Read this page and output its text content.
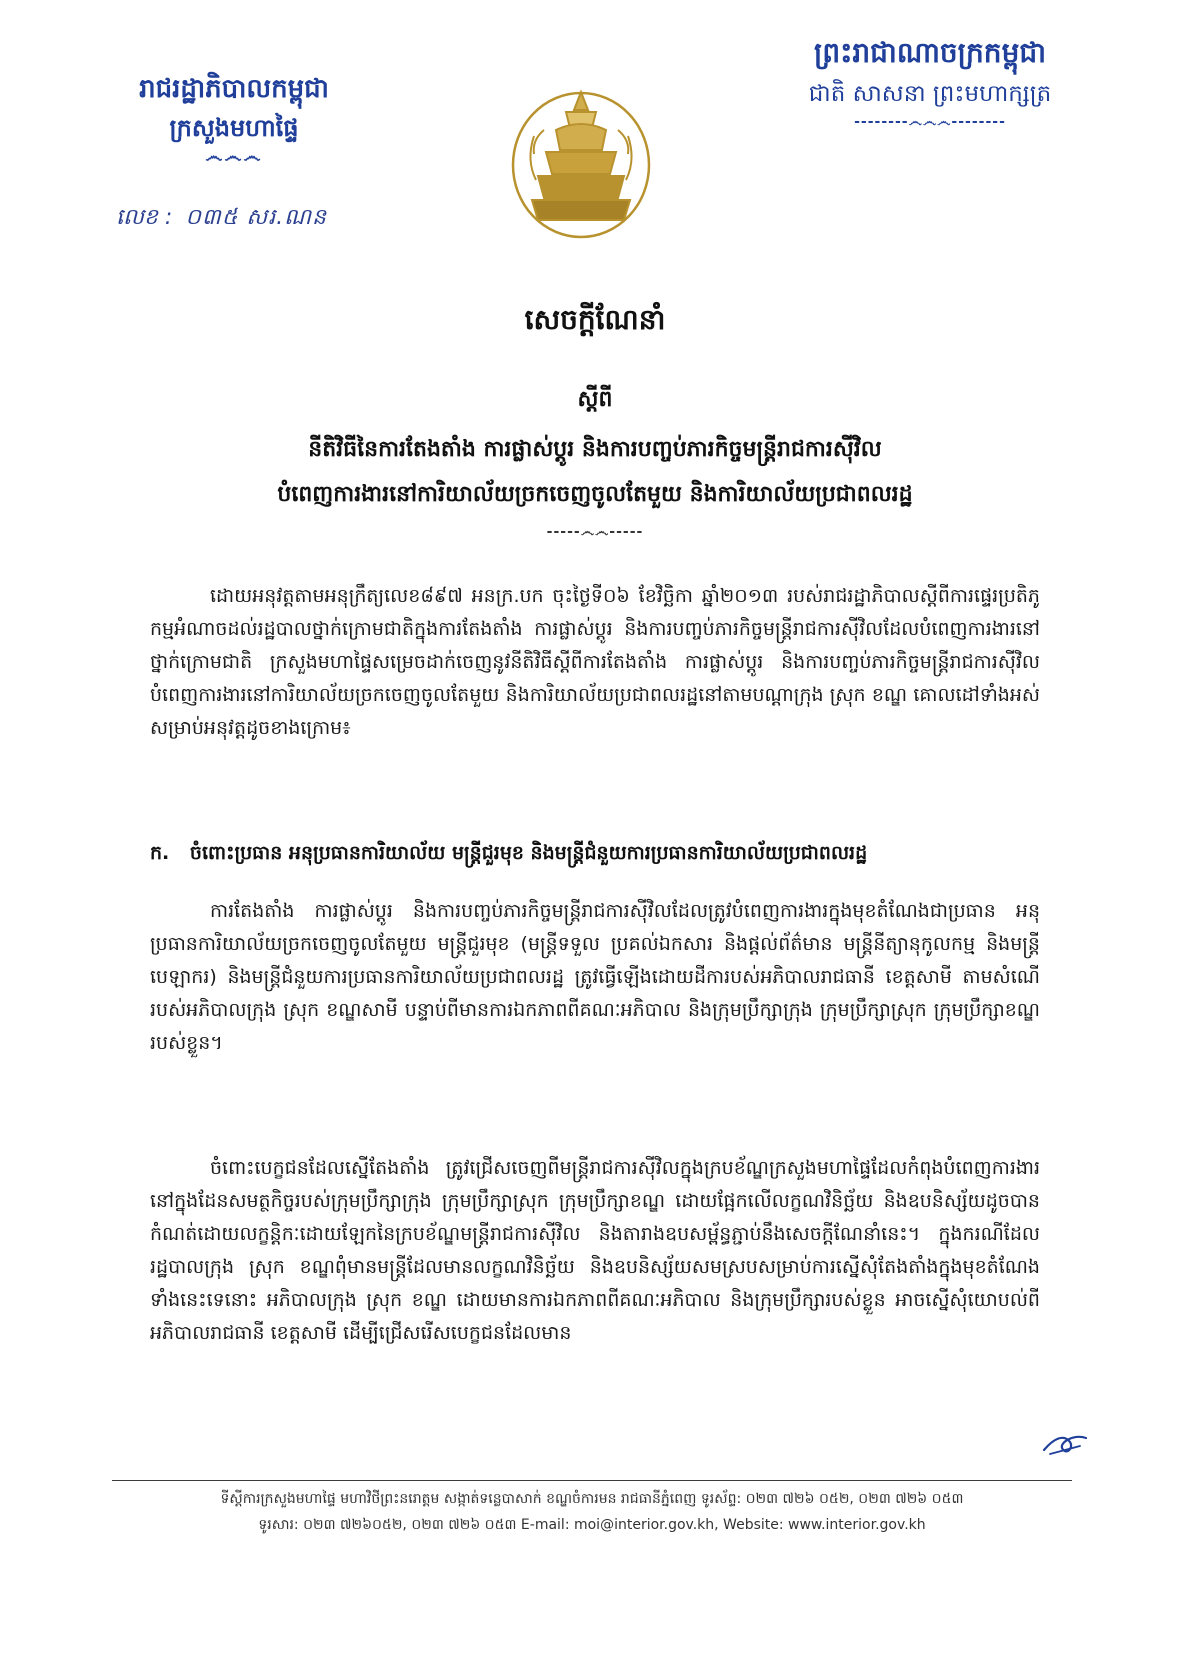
រាជរដ្ឋាភិបាលកម្ពុជា
ក្រសួងមហាផ្ទៃ
෴෴෴
លេខ : ០៣៥ សរ.ណន
ព្រះរាជាណាចក្រកម្ពុជា
ជាតិ សាសនា ព្រះមហាក្សត្រ
--------෴෴෴--------
សេចក្តីណែនាំ
ស្តីពី
នីតិវិធីនៃការតែងតាំង ការផ្លាស់ប្តូរ និងការបញ្ចប់ភារកិច្ចមន្ត្រីរាជការស៊ីវិល
បំពេញការងារនៅការិយាល័យច្រកចេញចូលតែមួយ និងការិយាល័យប្រជាពលរដ្ឋ
-----෴෴-----
ដោយអនុវត្តតាមអនុក្រឹត្យលេខ៨៩៧ អនក្រ.បក ចុះថ្ងៃទី០៦ ខែវិច្ឆិកា ឆ្នាំ២០១៣ របស់រាជរដ្ឋាភិបាលស្តីពីការផ្ទេរប្រតិភូកម្មអំណាចដល់រដ្ឋបាលថ្នាក់ក្រោមជាតិក្នុងការតែងតាំង ការផ្លាស់ប្តូរ និងការបញ្ចប់ភារកិច្ចមន្ត្រីរាជការស៊ីវិលដែលបំពេញការងារនៅថ្នាក់ក្រោមជាតិ ក្រសួងមហាផ្ទៃសម្រេចដាក់ចេញនូវនីតិវិធីស្តីពីការតែងតាំង ការផ្លាស់ប្តូរ និងការបញ្ចប់ភារកិច្ចមន្ត្រីរាជការស៊ីវិលបំពេញការងារនៅការិយាល័យច្រកចេញចូលតែមួយ និងការិយាល័យប្រជាពលរដ្ឋនៅតាមបណ្តាក្រុង ស្រុក ខណ្ឌ គោលដៅទាំងអស់ សម្រាប់អនុវត្តដូចខាងក្រោម៖
ក. ចំពោះប្រធាន អនុប្រធានការិយាល័យ មន្ត្រីជួរមុខ និងមន្ត្រីជំនួយការប្រធានការិយាល័យប្រជាពលរដ្ឋ
ការតែងតាំង ការផ្លាស់ប្តូរ និងការបញ្ចប់ភារកិច្ចមន្ត្រីរាជការស៊ីវិលដែលត្រូវបំពេញការងារក្នុងមុខតំណែងជាប្រធាន អនុប្រធានការិយាល័យច្រកចេញចូលតែមួយ មន្ត្រីជួរមុខ (មន្ត្រីទទួល ប្រគល់ឯកសារ និងផ្តល់ព័ត៌មាន មន្ត្រីនីត្យានុកូលកម្ម និងមន្ត្រីបេឡាករ) និងមន្ត្រីជំនួយការប្រធានការិយាល័យប្រជាពលរដ្ឋ ត្រូវធ្វើឡើងដោយដីការបស់អភិបាលរាជធានី ខេត្តសាមី តាមសំណើរបស់អភិបាលក្រុង ស្រុក ខណ្ឌសាមី បន្ទាប់ពីមានការឯកភាពពីគណៈអភិបាល និងក្រុមប្រឹក្សាក្រុង ក្រុមប្រឹក្សាស្រុក ក្រុមប្រឹក្សាខណ្ឌរបស់ខ្លួន។
ចំពោះបេក្ខជនដែលស្នើតែងតាំង ត្រូវជ្រើសចេញពីមន្ត្រីរាជការស៊ីវិលក្នុងក្របខ័ណ្ឌក្រសួងមហាផ្ទៃដែលកំពុងបំពេញការងារនៅក្នុងដែនសមត្ថកិច្ចរបស់ក្រុមប្រឹក្សាក្រុង ក្រុមប្រឹក្សាស្រុក ក្រុមប្រឹក្សាខណ្ឌ ដោយផ្អែកលើលក្ខណវិនិច្ឆ័យ និងឧបនិស្ស័យដូចបានកំណត់ដោយលក្ខន្តិកៈដោយឡែកនៃក្របខ័ណ្ឌមន្ត្រីរាជការស៊ីវិល និងតារាងឧបសម្ព័ន្ធភ្ជាប់នឹងសេចក្តីណែនាំនេះ។ ក្នុងករណីដែលរដ្ឋបាលក្រុង ស្រុក ខណ្ឌពុំមានមន្ត្រីដែលមានលក្ខណវិនិច្ឆ័យ និងឧបនិស្ស័យសមស្របសម្រាប់ការស្នើសុំតែងតាំងក្នុងមុខតំណែងទាំងនេះទេនោះ អភិបាលក្រុង ស្រុក ខណ្ឌ ដោយមានការឯកភាពពីគណៈអភិបាល និងក្រុមប្រឹក្សារបស់ខ្លួន អាចស្នើសុំយោបល់ពីអភិបាលរាជធានី ខេត្តសាមី ដើម្បីជ្រើសរើសបេក្ខជនដែលមាន
ទីស្តីការក្រសួងមហាផ្ទៃ មហាវិថីព្រះនរោត្តម សង្កាត់ទន្លេបាសាក់ ខណ្ឌចំការមន រាជធានីភ្នំពេញ ទូរស័ព្ទ: ០២៣ ៧២៦ ០៥២, ០២៣ ៧២៦ ០៥៣
ទូរសារ: ០២៣ ៧២៦០៥២, ០២៣ ៧២៦ ០៥៣ E-mail: moi@interior.gov.kh, Website: www.interior.gov.kh
